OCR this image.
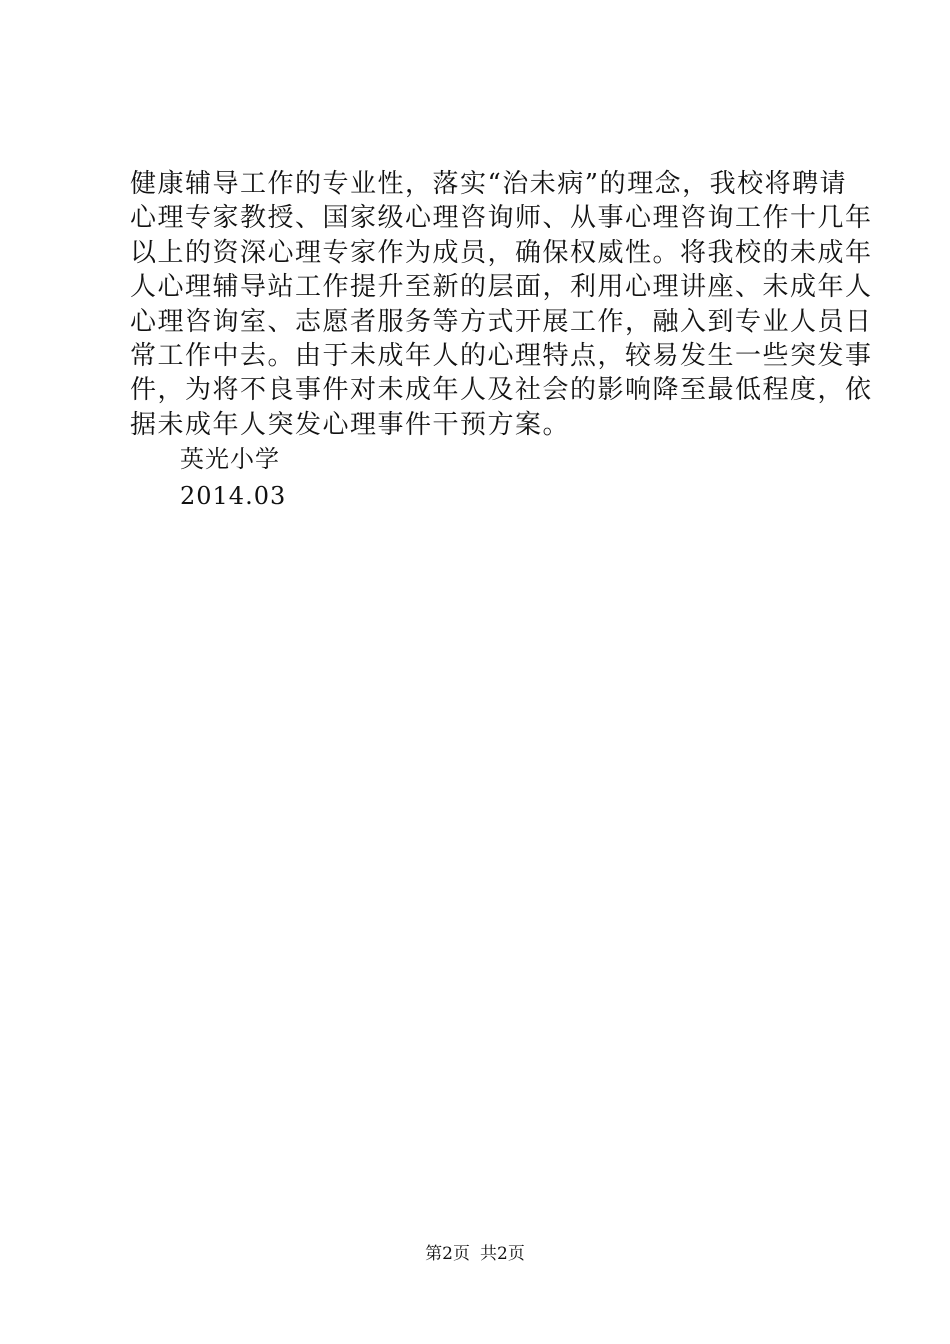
健康辅导工作的专业性，落实“治未病”的理念，我校将聘请
心理专家教授、国家级心理咨询师、从事心理咨询工作十几年
以上的资深心理专家作为成员，确保权威性。将我校的未成年
人心理辅导站工作提升至新的层面，利用心理讲座、未成年人
心理咨询室、志愿者服务等方式开展工作，融入到专业人员日
常工作中去。由于未成年人的心理特点，较易发生一些突发事
件，为将不良事件对未成年人及社会的影响降至最低程度，依
据未成年人突发心理事件干预方案。
英光小学
2014.03
第2页 共2页
